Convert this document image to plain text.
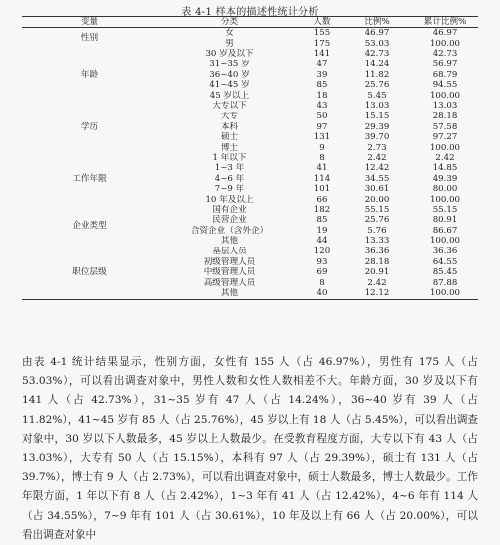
表 4-1 样本的描述性统计分析
变量	分类	人数	比例%	累计比例%
性别	女	155	46.97	46.97
	男	175	53.03	100.00
年龄	30 岁及以下	141	42.73	42.73
	31~35 岁	47	14.24	56.97
	36~40 岁	39	11.82	68.79
	41~45 岁	85	25.76	94.55
	45 岁以上	18	5.45	100.00
学历	大专以下	43	13.03	13.03
	大专	50	15.15	28.18
	本科	97	29.39	57.58
	硕士	131	39.70	97.27
	博士	9	2.73	100.00
工作年限	1 年以下	8	2.42	2.42
	1~3 年	41	12.42	14.85
	4~6 年	114	34.55	49.39
	7~9 年	101	30.61	80.00
	10 年及以上	66	20.00	100.00
企业类型	国有企业	182	55.15	55.15
	民营企业	85	25.76	80.91
	合资企业（含外企）	19	5.76	86.67
	其他	44	13.33	100.00
职位层级	基层人员	120	36.36	36.36
	初级管理人员	93	28.18	64.55
	中级管理人员	69	20.91	85.45
	高级管理人员	8	2.42	87.88
	其他	40	12.12	100.00

由表 4-1 统计结果显示，性别方面，女性有 155 人（占 46.97%），男性有 175 人（占 53.03%），可以看出调查对象中，男性人数和女性人数相差不大。年龄方面，30 岁及以下有 141 人（占 42.73%），31~35 岁有 47 人（占 14.24%），36~40 岁有 39 人（占 11.82%），41~45 岁有 85 人（占 25.76%），45 岁以上有 18 人（占 5.45%），可以看出调查对象中，30 岁以下人数最多，45 岁以上人数最少。在受教育程度方面，大专以下有 43 人（占 13.03%），大专有 50 人（占 15.15%），本科有 97 人（占 29.39%），硕士有 131 人（占 39.7%），博士有 9 人（占 2.73%），可以看出调查对象中，硕士人数最多，博士人数最少。工作年限方面，1 年以下有 8 人（占 2.42%），1~3 年有 41 人（占 12.42%），4~6 年有 114 人（占 34.55%），7~9 年有 101 人（占 30.61%），10 年及以上有 66 人（占 20.00%），可以看出调查对象中
